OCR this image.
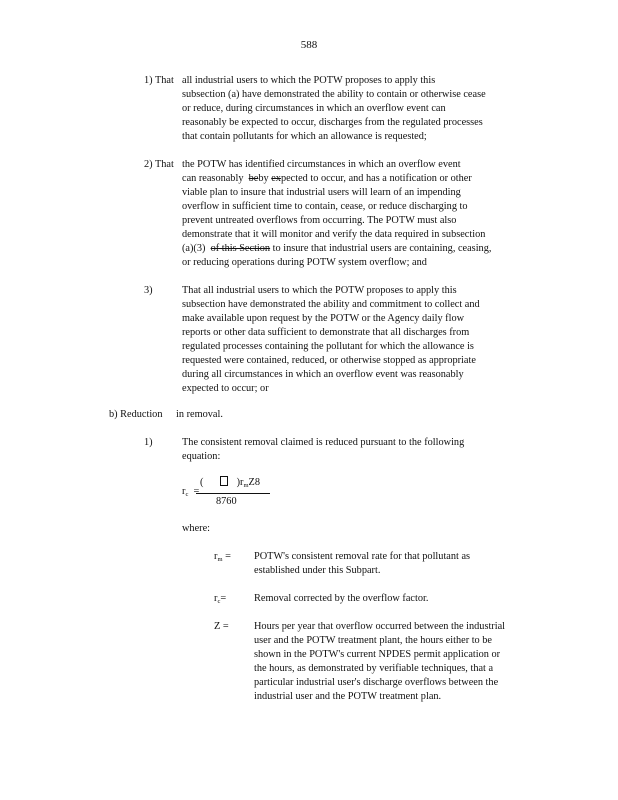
588
1) That all industrial users to which the POTW proposes to apply this
subsection (a) have demonstrated the ability to contain or otherwise cease
or reduce, during circumstances in which an overflow event can
reasonably be expected to occur, discharges from the regulated processes
that contain pollutants for which an allowance is requested;
2) That the POTW has identified circumstances in which an overflow event
can reasonably beby expected to occur, and has a notification or other
viable plan to insure that industrial users will learn of an impending
overflow in sufficient time to contain, cease, or reduce discharging to
prevent untreated overflows from occurring. The POTW must also
demonstrate that it will monitor and verify the data required in subsection
(a)(3) of this Section to insure that industrial users are containing, ceasing,
or reducing operations during POTW system overflow; and
3)	That all industrial users to which the POTW proposes to apply this
subsection have demonstrated the ability and commitment to collect and
make available upon request by the POTW or the Agency daily flow
reports or other data sufficient to demonstrate that all discharges from
regulated processes containing the pollutant for which the allowance is
requested were contained, reduced, or otherwise stopped as appropriate
during all circumstances in which an overflow event was reasonably
expected to occur; or
b) Reduction in removal.
1)	The consistent removal claimed is reduced pursuant to the following
equation:
$r_c$ =
(	)$r_mZ8$
8760
where:
$r_m$ =	POTW's consistent removal rate for that pollutant as established under this Subpart.
$r_c=$	Removal corrected by the overflow factor.
Z =	Hours per year that overflow occurred between the industrial user and the POTW treatment plant, the hours either to be shown in the POTW's current NPDES permit application or the hours, as demonstrated by verifiable techniques, that a particular industrial user's discharge overflows between the industrial user and the POTW treatment plan.
